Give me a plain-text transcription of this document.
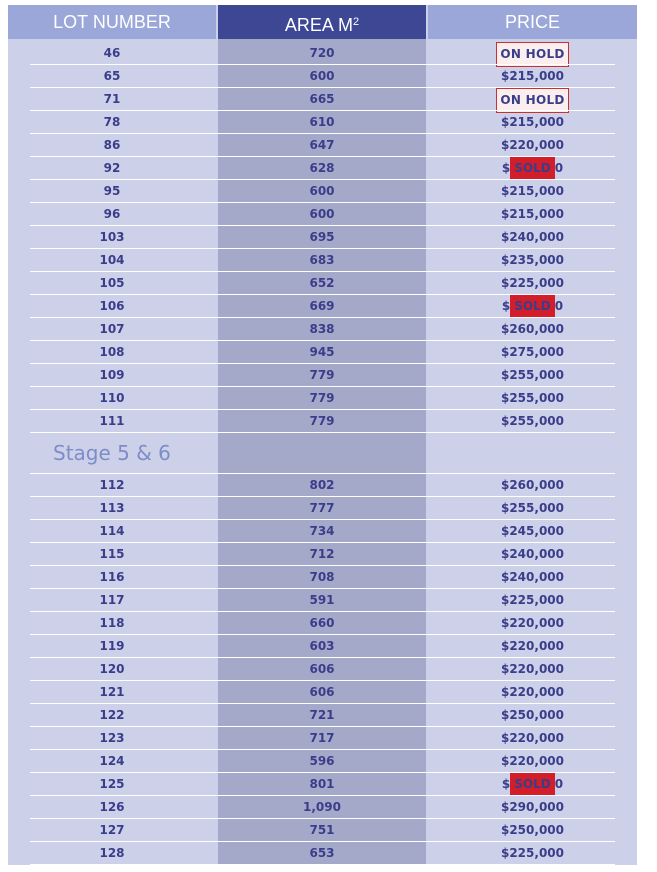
LOT NUMBER	AREA $M^2$	PRICE
46	720	ON HOLD
65	600	$215,000
71	665	ON HOLD
78	610	$215,000
86	647	$220,000
92	628	$ SOLD 0
95	600	$215,000
96	600	$215,000
103	695	$240,000
104	683	$235,000
105	652	$225,000
106	669	$ SOLD 0
107	838	$260,000
108	945	$275,000
109	779	$255,000
110	779	$255,000
111	779	$255,000
112	802	$260,000
113	777	$255,000
114	734	$245,000
115	712	$240,000
116	708	$240,000
117	591	$225,000
118	660	$220,000
119	603	$220,000
120	606	$220,000
121	606	$220,000
122	721	$250,000
123	717	$220,000
124	596	$220,000
125	801	$ SOLD 0
126	1,090	$290,000
127	751	$250,000
128	653	$225,000
Stage 5 & 6
